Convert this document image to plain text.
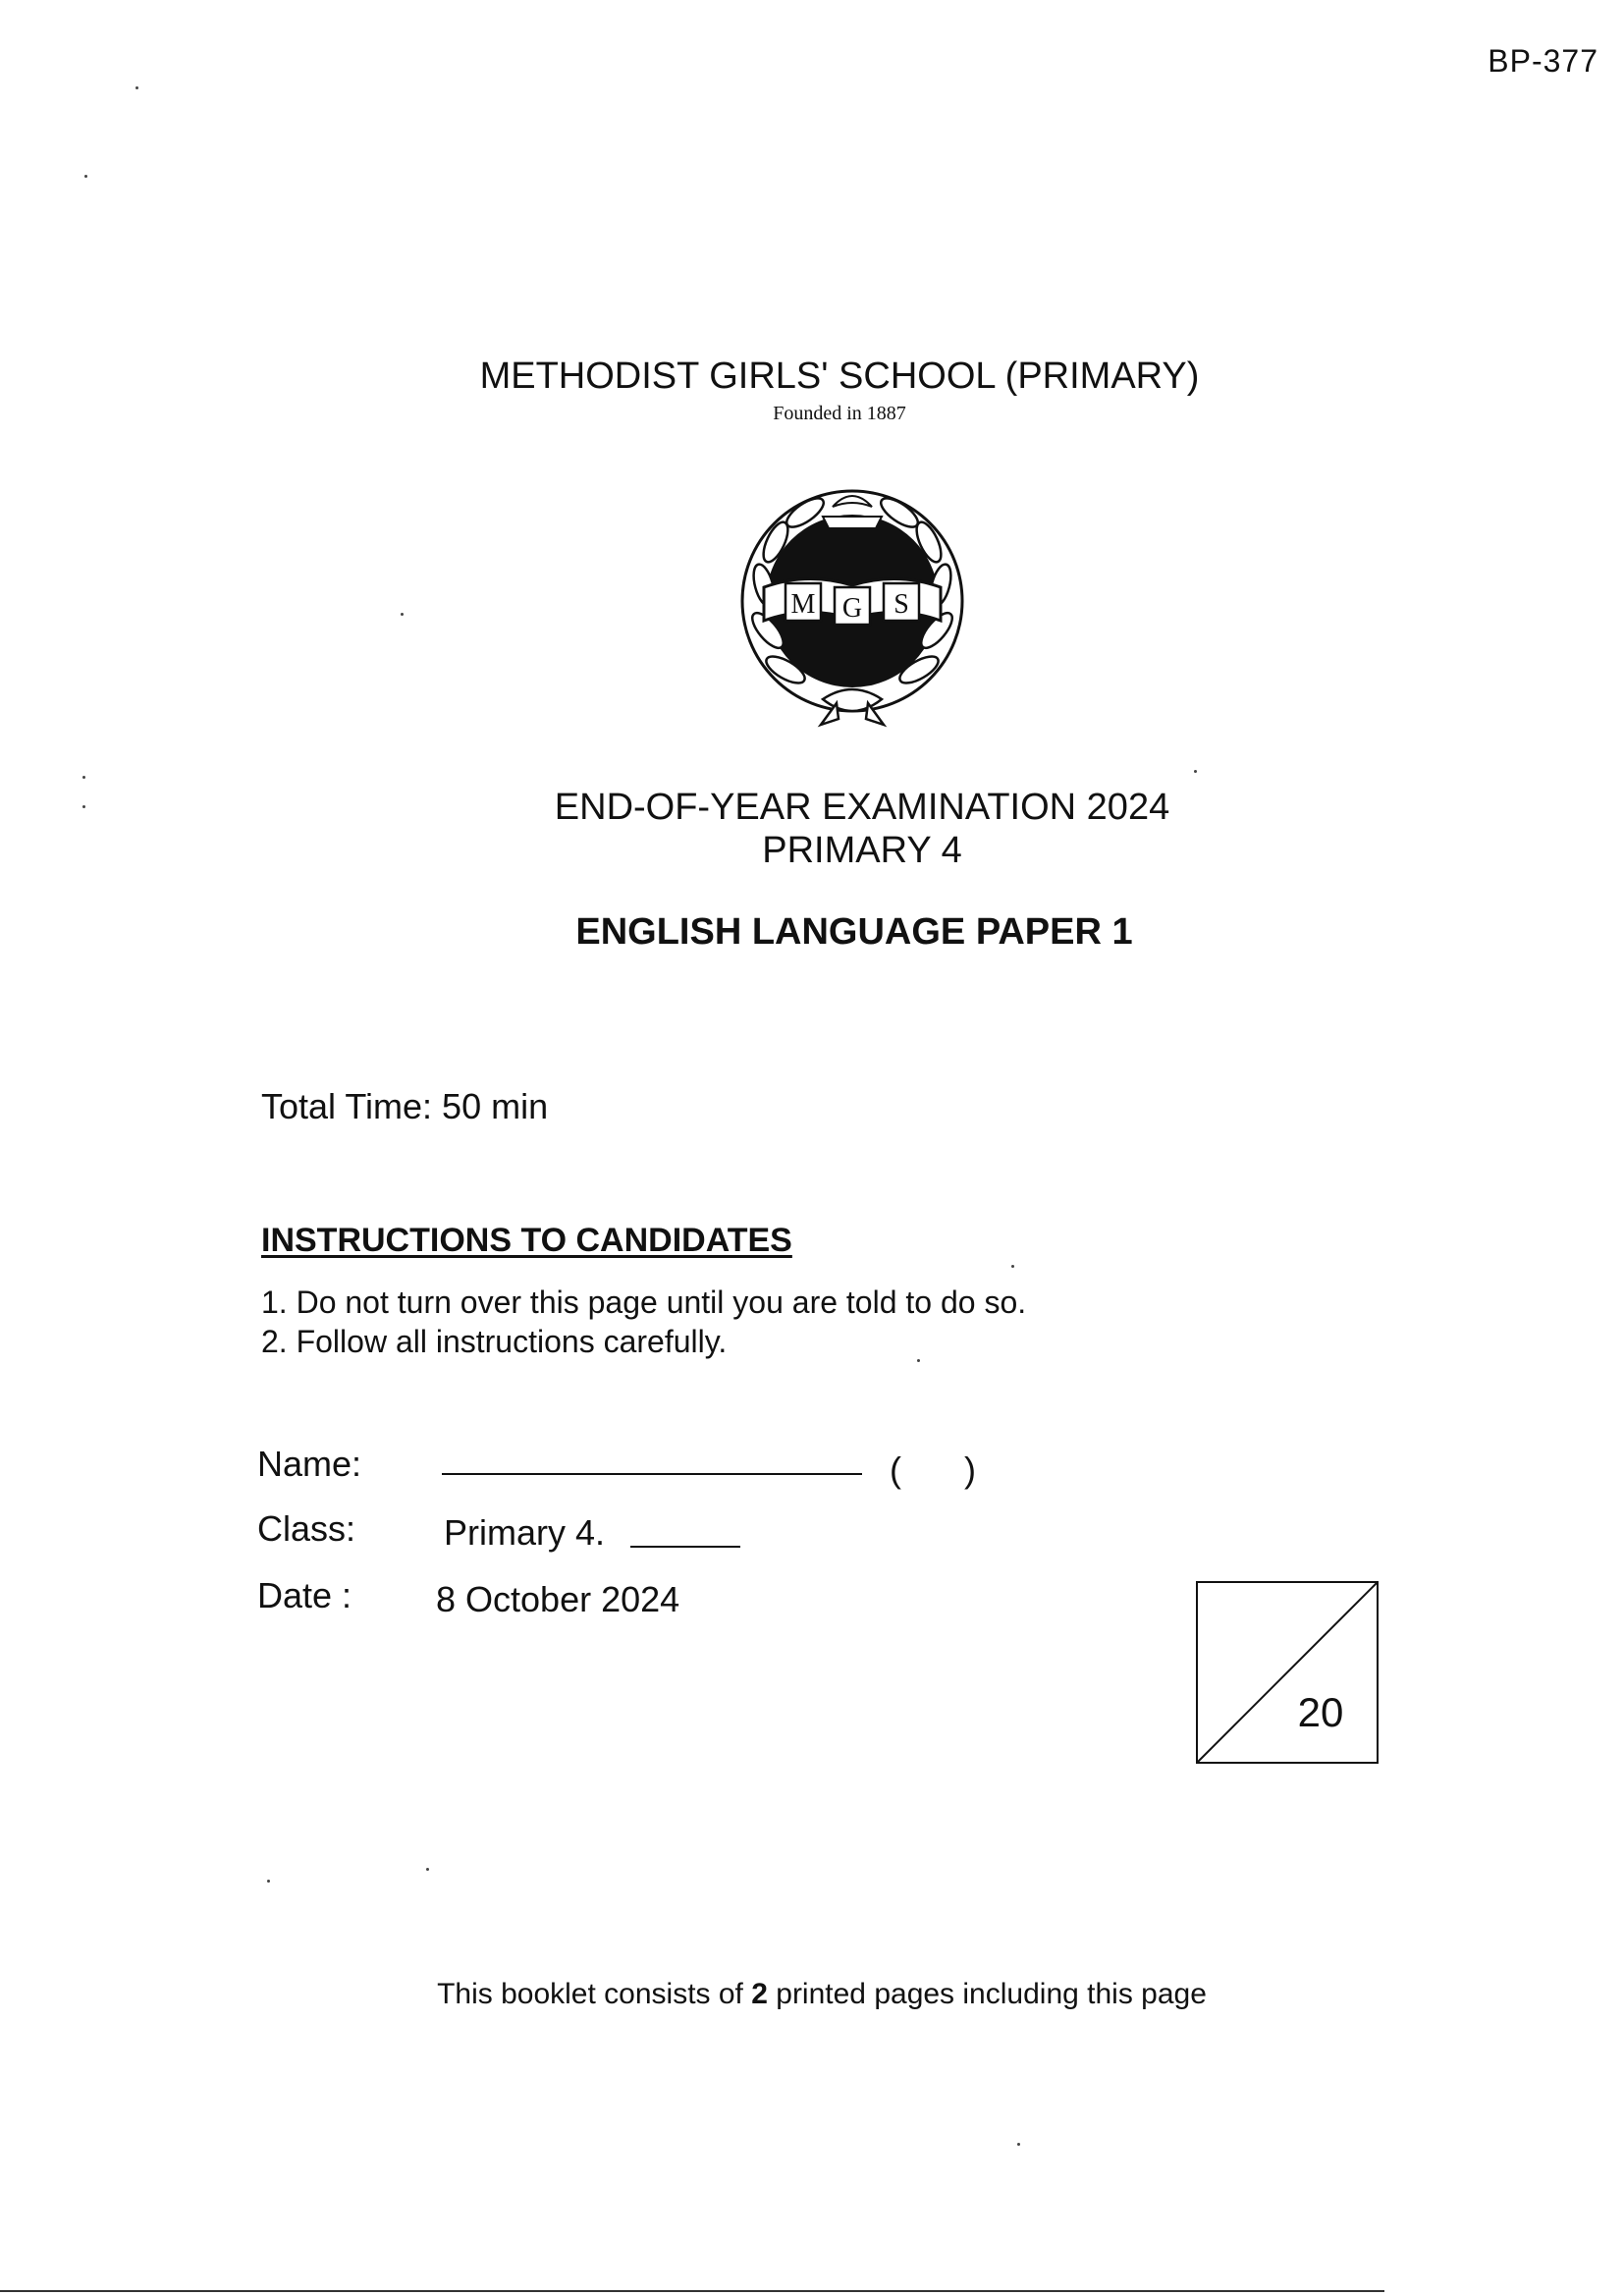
BP-377
METHODIST GIRLS' SCHOOL (PRIMARY)
Founded in 1887
M G S
END-OF-YEAR EXAMINATION 2024
PRIMARY 4
ENGLISH LANGUAGE PAPER 1
Total Time: 50 min
INSTRUCTIONS TO CANDIDATES
1. Do not turn over this page until you are told to do so.
2. Follow all instructions carefully.
Name:	( )
Class: Primary 4.
Date : 8 October 2024
20
This booklet consists of 2 printed pages including this page
